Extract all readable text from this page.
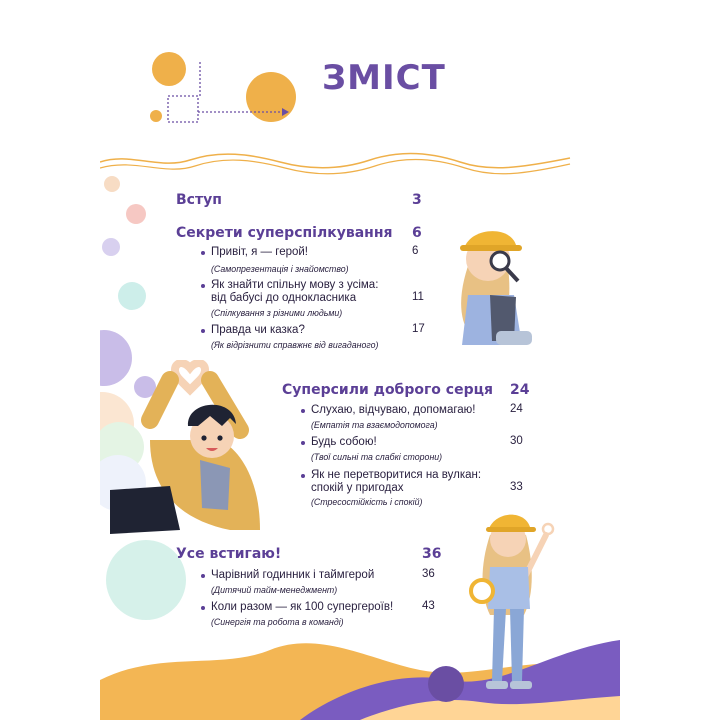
ЗМІСТ
Вступ	3
Секрети суперспілкування 6
Привіт, я — герой!	6
(Самопрезентація і знайомство)
Як знайти спільну мову з усіма:
від бабусі до однокласника	11
(Спілкування з різними людьми)
Правда чи казка?	17
(Як відрізнити справжнє від вигаданого)
Суперсили доброго серця 24
Слухаю, відчуваю, допомагаю!	24
(Емпатія та взаємодопомога)
Будь собою!	30
(Твої сильні та слабкі сторони)
Як не перетворитися на вулкан:
спокій у пригодах	33
(Стресостійкість і спокій)
Усе встигаю!	36
Чарівний годинник і таймгерой	36
(Дитячий тайм-менеджмент)
Коли разом — як 100 супергероїв!	43
(Синергія та робота в команді)
